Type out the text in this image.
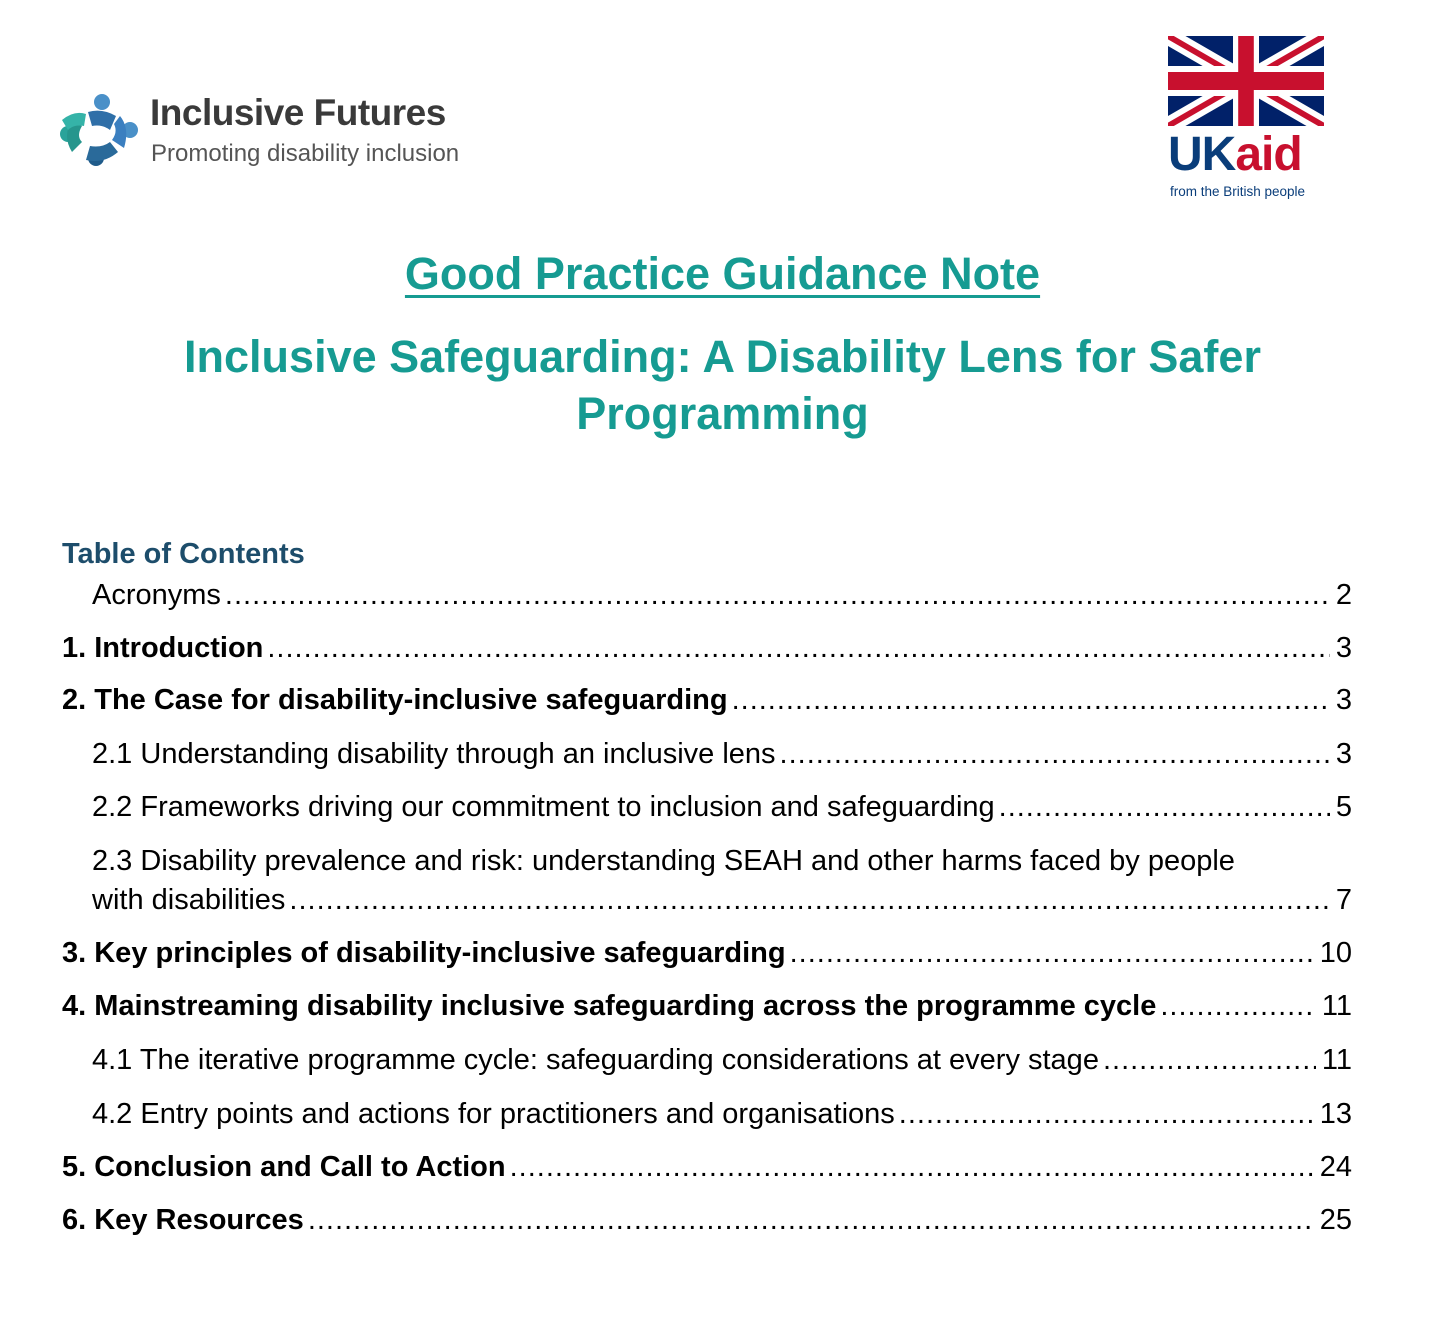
Inclusive Futures
Promoting disability inclusion	UKaid
from the British people
Good Practice Guidance Note
Inclusive Safeguarding: A Disability Lens for Safer Programming
Table of Contents
Acronyms .....	2
1. Introduction .....	3
2. The Case for disability-inclusive safeguarding .....	3
2.1 Understanding disability through an inclusive lens .....	3
2.2 Frameworks driving our commitment to inclusion and safeguarding .....	5
2.3 Disability prevalence and risk: understanding SEAH and other harms faced by people
with disabilities .....	7
3. Key principles of disability-inclusive safeguarding .....	10
4. Mainstreaming disability inclusive safeguarding across the programme cycle .....	11
4.1 The iterative programme cycle: safeguarding considerations at every stage .....	11
4.2 Entry points and actions for practitioners and organisations .....	13
5. Conclusion and Call to Action .....	24
6. Key Resources .....	25
